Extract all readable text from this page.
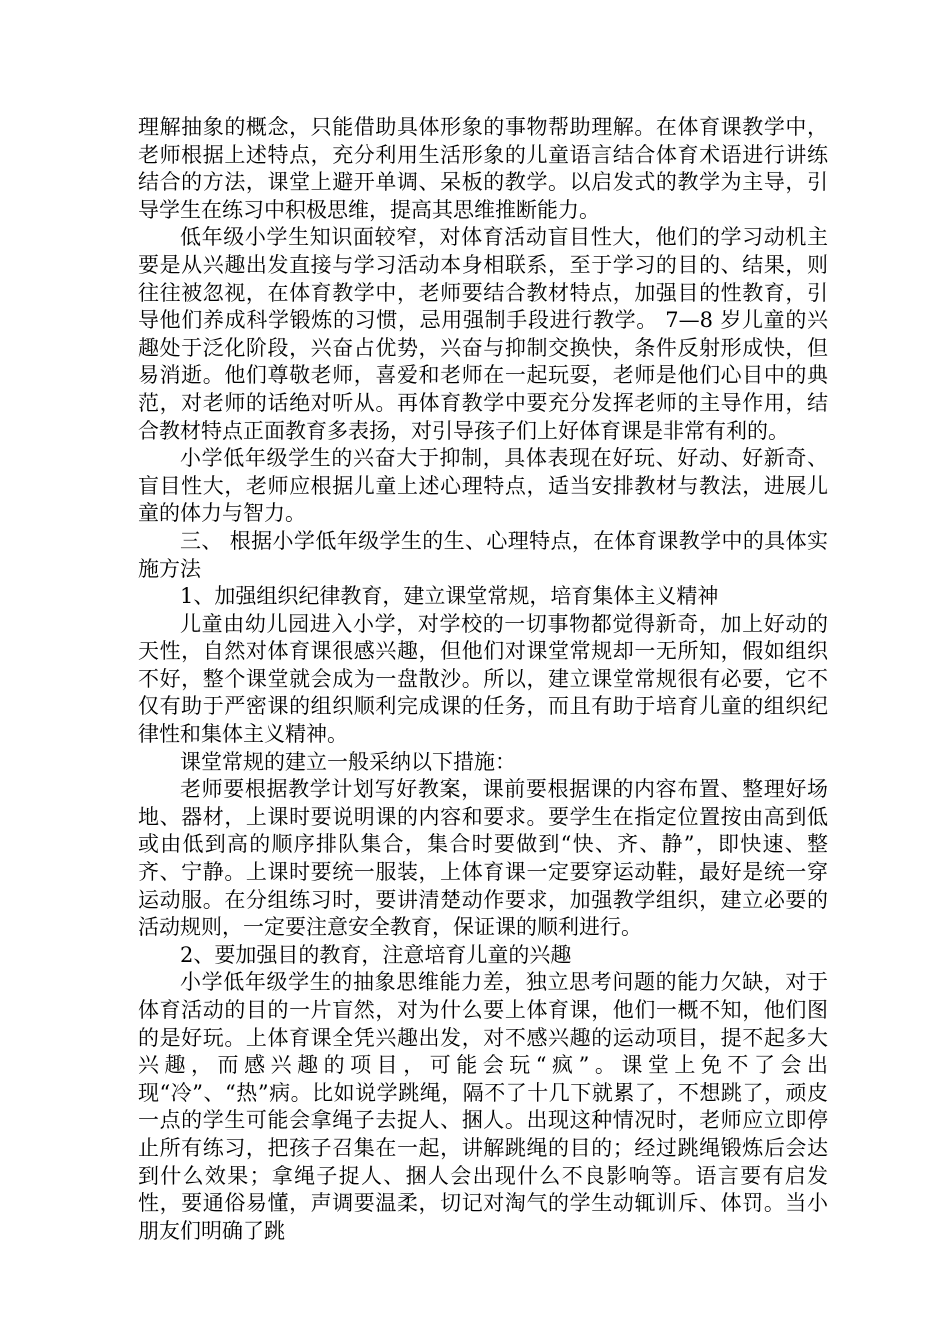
理解抽象的概念，只能借助具体形象的事物帮助理解。在体育课教学中，老师根据上述特点，充分利用生活形象的儿童语言结合体育术语进行讲练结合的方法，课堂上避开单调、呆板的教学。以启发式的教学为主导，引导学生在练习中积极思维，提高其思维推断能力。

低年级小学生知识面较窄，对体育活动盲目性大，他们的学习动机主要是从兴趣出发直接与学习活动本身相联系，至于学习的目的、结果，则往往被忽视，在体育教学中，老师要结合教材特点，加强目的性教育，引导他们养成科学锻炼的习惯，忌用强制手段进行教学。 7—8 岁儿童的兴趣处于泛化阶段，兴奋占优势，兴奋与抑制交换快，条件反射形成快，但易消逝。他们尊敬老师，喜爱和老师在一起玩耍，老师是他们心目中的典范，对老师的话绝对听从。再体育教学中要充分发挥老师的主导作用，结合教材特点正面教育多表扬，对引导孩子们上好体育课是非常有利的。

小学低年级学生的兴奋大于抑制，具体表现在好玩、好动、好新奇、盲目性大，老师应根据儿童上述心理特点，适当安排教材与教法，进展儿童的体力与智力。

三、 根据小学低年级学生的生、心理特点，在体育课教学中的具体实施方法

1、加强组织纪律教育，建立课堂常规，培育集体主义精神

儿童由幼儿园进入小学，对学校的一切事物都觉得新奇，加上好动的天性，自然对体育课很感兴趣，但他们对课堂常规却一无所知，假如组织不好，整个课堂就会成为一盘散沙。所以，建立课堂常规很有必要，它不仅有助于严密课的组织顺利完成课的任务，而且有助于培育儿童的组织纪律性和集体主义精神。

课堂常规的建立一般采纳以下措施：

老师要根据教学计划写好教案，课前要根据课的内容布置、整理好场地、器材，上课时要说明课的内容和要求。要学生在指定位置按由高到低或由低到高的顺序排队集合，集合时要做到“快、齐、静”，即快速、整齐、宁静。上课时要统一服装，上体育课一定要穿运动鞋，最好是统一穿运动服。在分组练习时，要讲清楚动作要求，加强教学组织，建立必要的活动规则，一定要注意安全教育，保证课的顺利进行。

2、要加强目的教育，注意培育儿童的兴趣

小学低年级学生的抽象思维能力差，独立思考问题的能力欠缺，对于体育活动的目的一片盲然，对为什么要上体育课，他们一概不知，他们图的是好玩。上体育课全凭兴趣出发，对不感兴趣的运动项目，提不起多大兴趣，而感兴趣的项目，可能会玩“疯”。课堂上免不了会出现“冷”、“热”病。比如说学跳绳，隔不了十几下就累了，不想跳了，顽皮一点的学生可能会拿绳子去捉人、捆人。出现这种情况时，老师应立即停止所有练习，把孩子召集在一起，讲解跳绳的目的；经过跳绳锻炼后会达到什么效果；拿绳子捉人、捆人会出现什么不良影响等。语言要有启发性，要通俗易懂，声调要温柔，切记对淘气的学生动辄训斥、体罚。当小朋友们明确了跳
